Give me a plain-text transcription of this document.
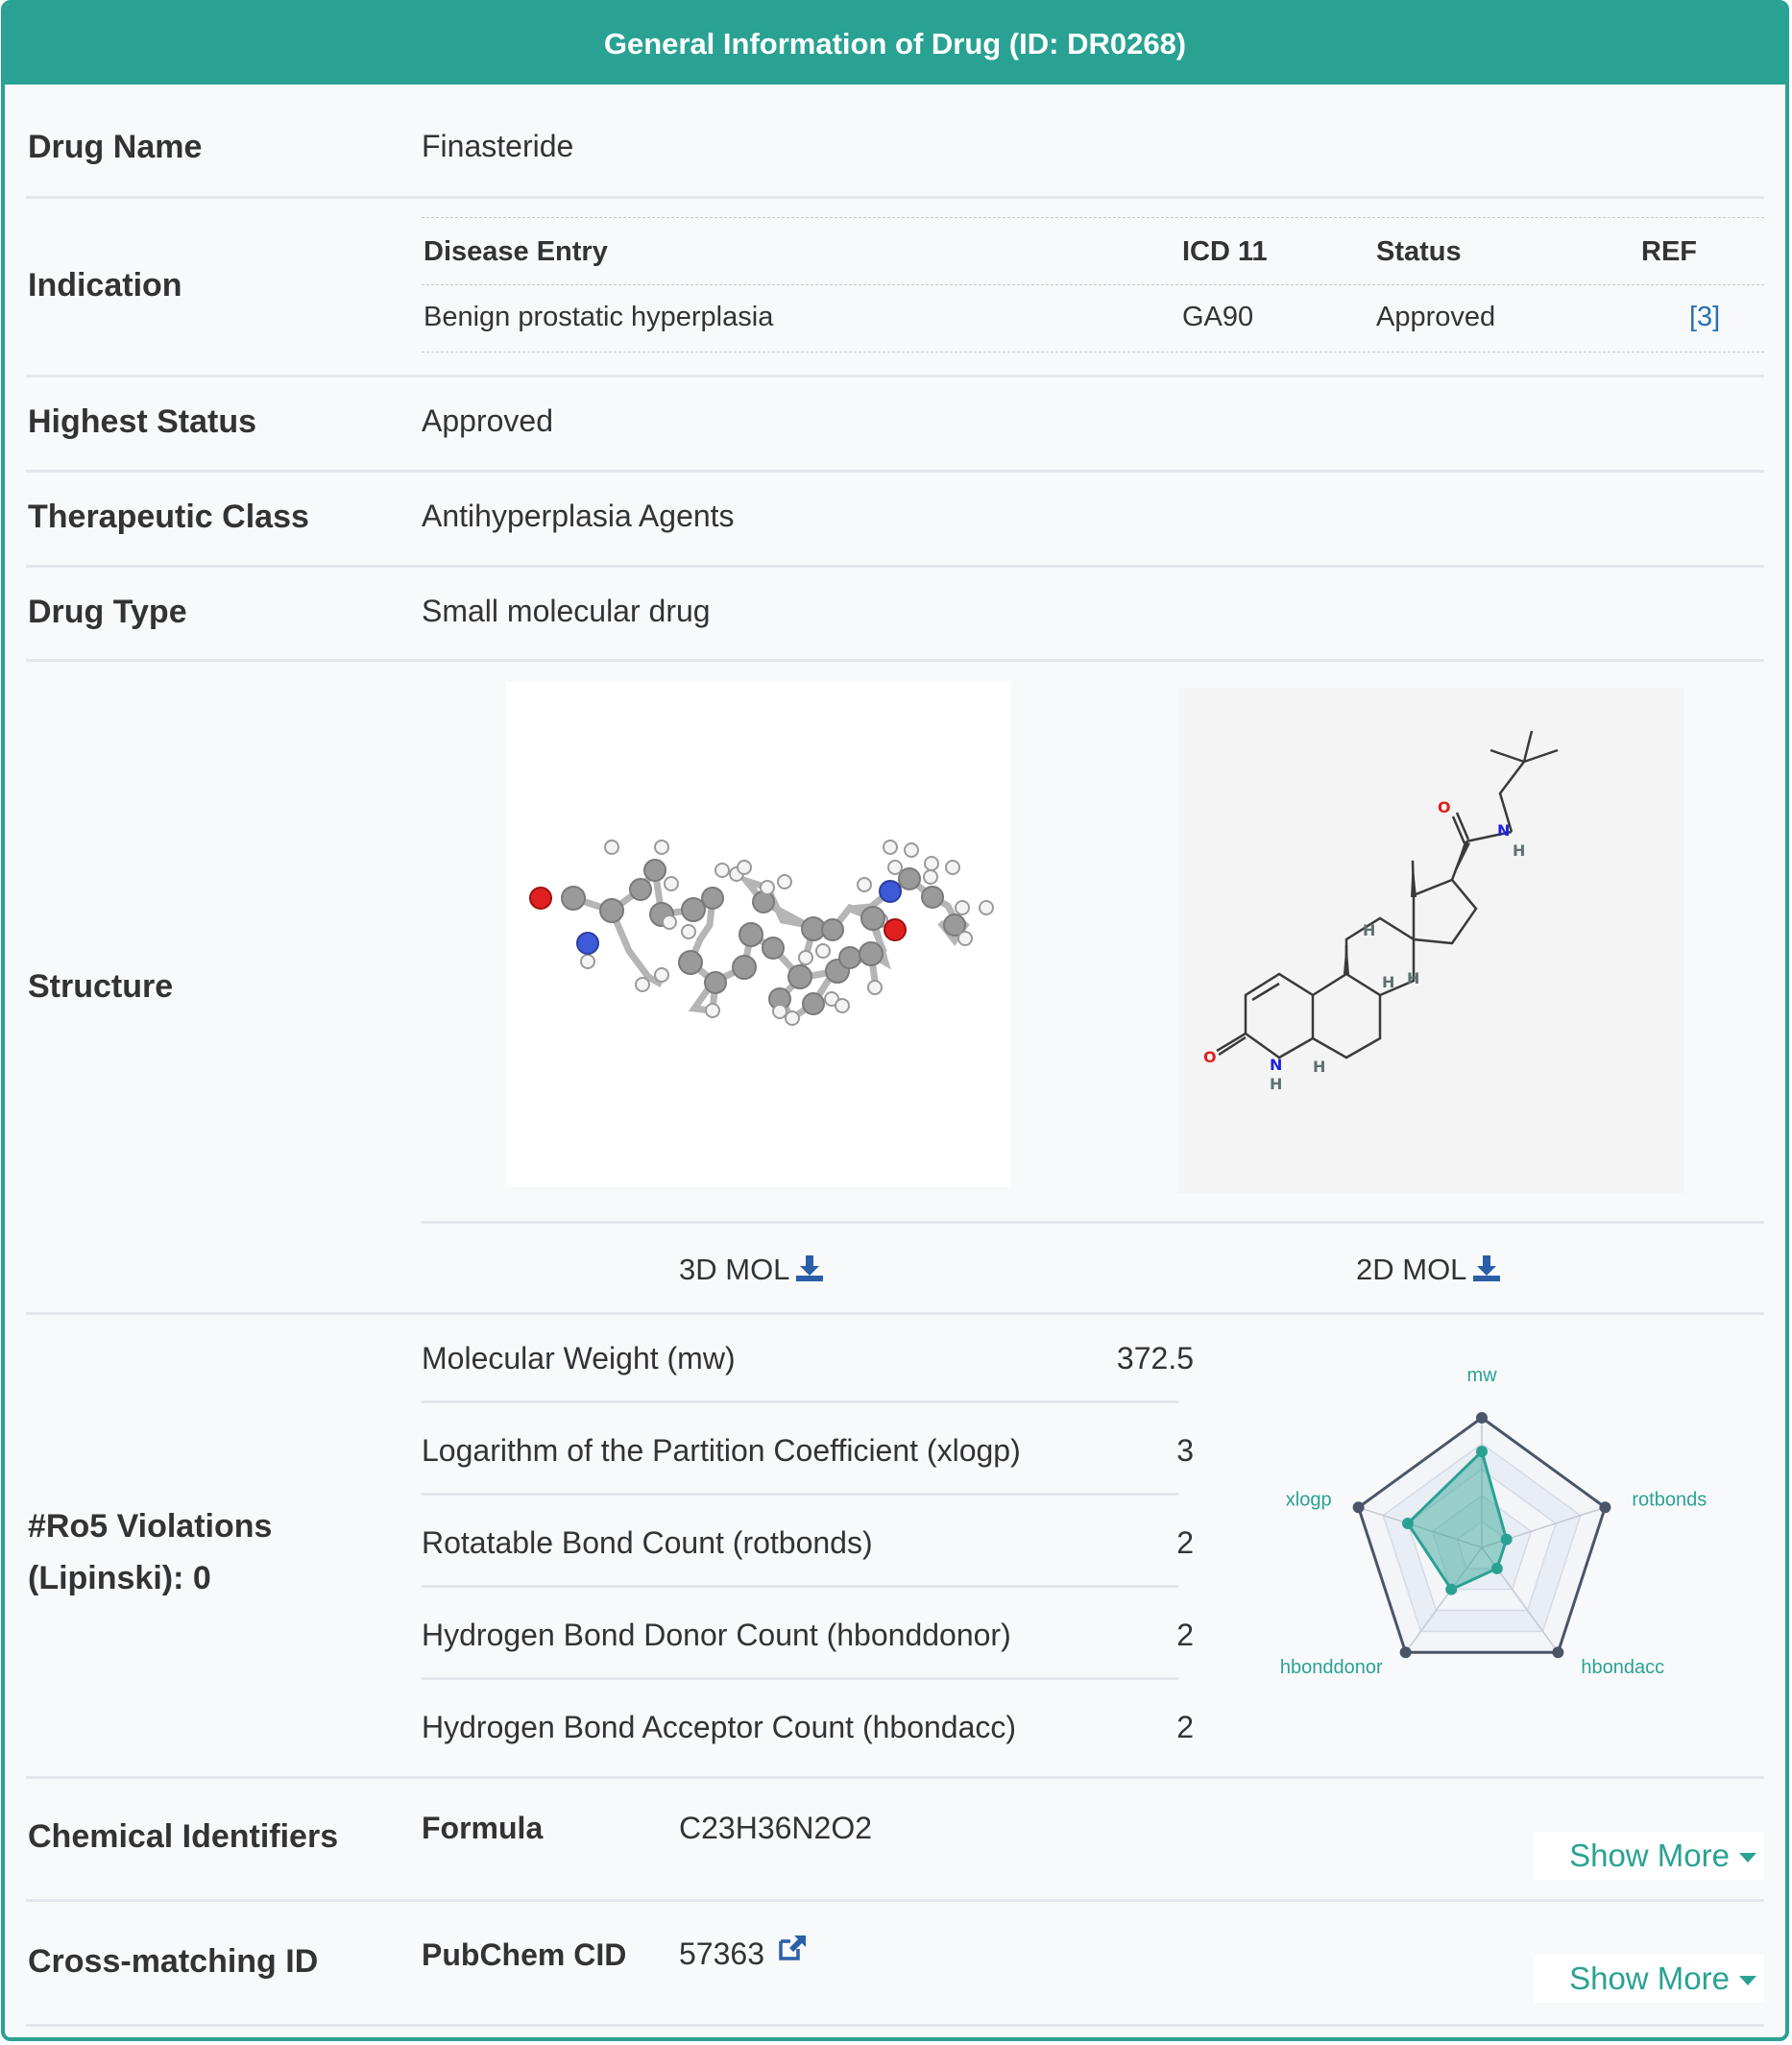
General Information of Drug (ID: DR0268)
Drug Name	Finasteride
Indication
Disease Entry	ICD 11	Status	REF
Benign prostatic hyperplasia	GA90	Approved	[3]
Highest Status	Approved
Therapeutic Class	Antihyperplasia Agents
Drug Type	Small molecular drug
Structure
O	N
H
O
N
H
H
H
H
H
3D MOL	2D MOL
#Ro5 Violations
(Lipinski): 0
Molecular Weight (mw)	372.5
Logarithm of the Partition Coefficient (xlogp)	3
Rotatable Bond Count (rotbonds)	2
Hydrogen Bond Donor Count (hbonddonor)	2
Hydrogen Bond Acceptor Count (hbondacc)	2
mw
rotbonds
hbondacc
hbonddonor
xlogp
Chemical Identifiers	Formula	C23H36N2O2
Show More
Cross-matching ID	PubChem CID 57363
Show More
